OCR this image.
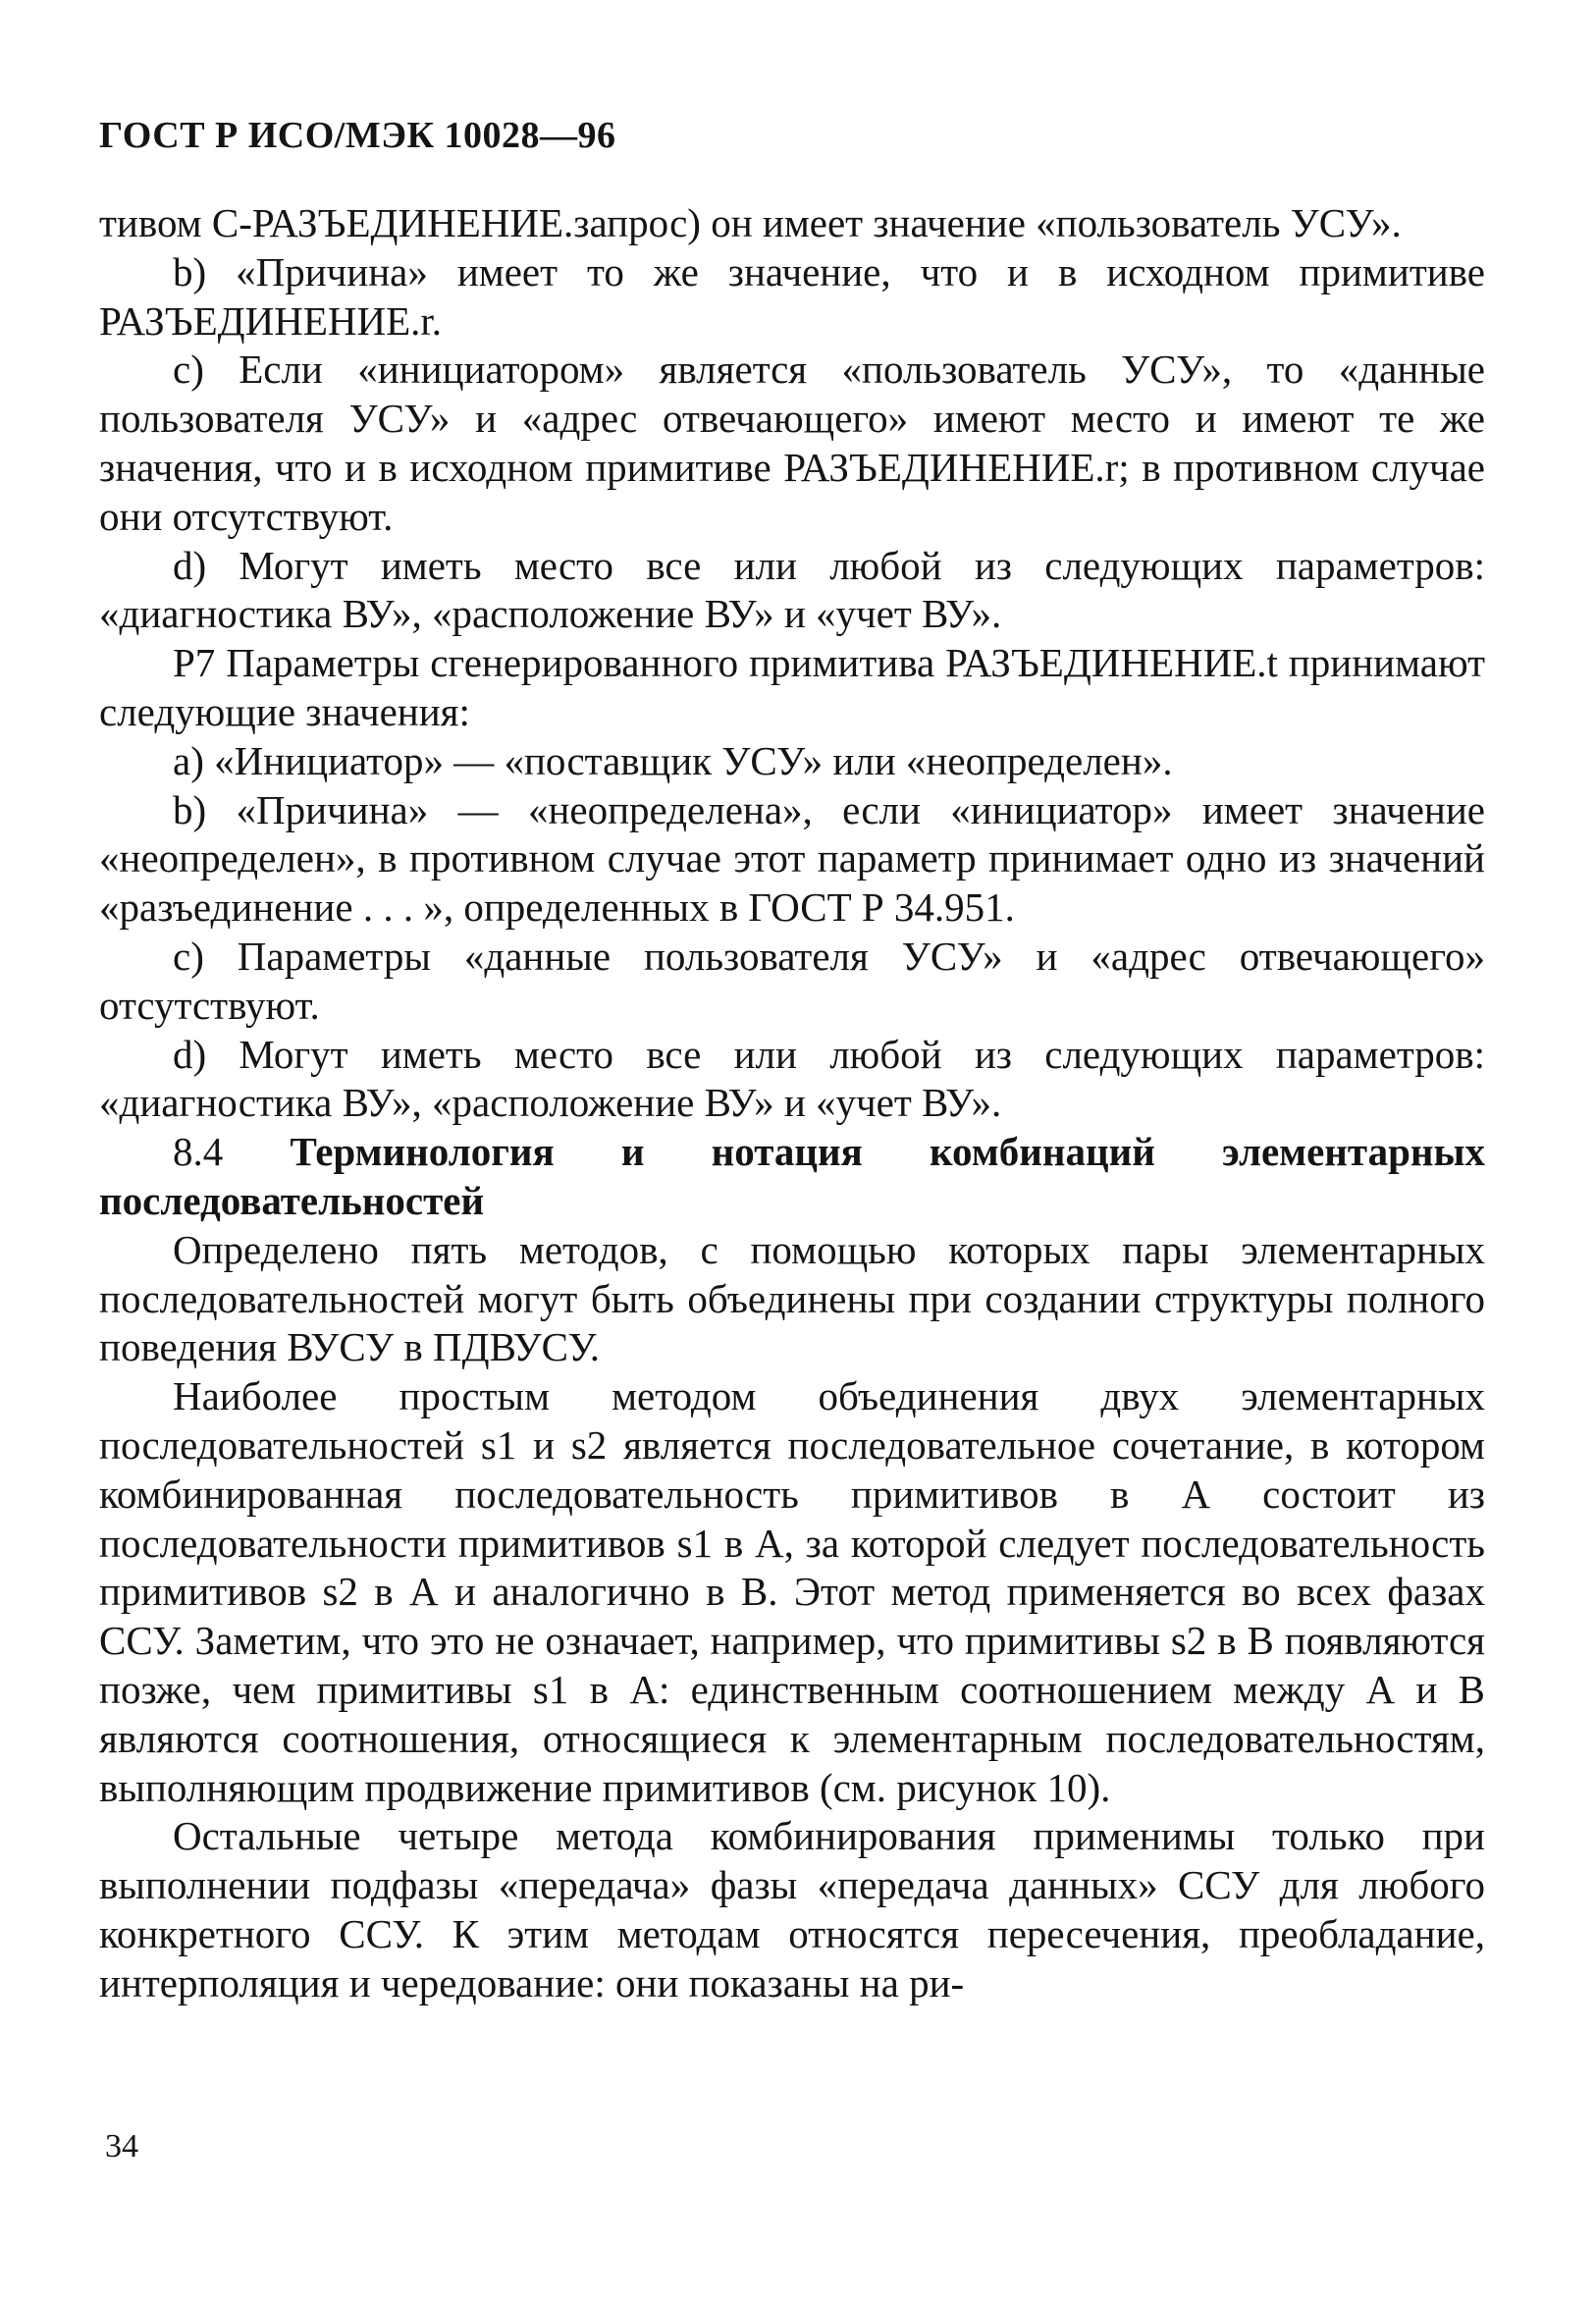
ГОСТ Р ИСО/МЭК 10028—96

тивом С-РАЗЪЕДИНЕНИЕ.запрос) он имеет значение «пользователь УСУ».

b) «Причина» имеет то же значение, что и в исходном примитиве РАЗЪЕДИНЕНИЕ.r.

c) Если «инициатором» является «пользователь УСУ», то «данные пользователя УСУ» и «адрес отвечающего» имеют место и имеют те же значения, что и в исходном примитиве РАЗЪЕДИНЕНИЕ.r; в противном случае они отсутствуют.

d) Могут иметь место все или любой из следующих параметров: «диагностика ВУ», «расположение ВУ» и «учет ВУ».

P7 Параметры сгенерированного примитива РАЗЪЕДИНЕНИЕ.t принимают следующие значения:

a) «Инициатор» — «поставщик УСУ» или «неопределен».

b) «Причина» — «неопределена», если «инициатор» имеет значение «неопределен», в противном случае этот параметр принимает одно из значений «разъединение . . . », определенных в ГОСТ Р 34.951.

c) Параметры «данные пользователя УСУ» и «адрес отвечающего» отсутствуют.

d) Могут иметь место все или любой из следующих параметров: «диагностика ВУ», «расположение ВУ» и «учет ВУ».

8.4 Терминология и нотация комбинаций элементарных последовательностей

Определено пять методов, с помощью которых пары элементарных последовательностей могут быть объединены при создании структуры полного поведения ВУСУ в ПДВУСУ.

Наиболее простым методом объединения двух элементарных последовательностей s1 и s2 является последовательное сочетание, в котором комбинированная последовательность примитивов в А состоит из последовательности примитивов s1 в А, за которой следует последовательность примитивов s2 в А и аналогично в В. Этот метод применяется во всех фазах ССУ. Заметим, что это не означает, например, что примитивы s2 в В появляются позже, чем примитивы s1 в А: единственным соотношением между А и В являются соотношения, относящиеся к элементарным последовательностям, выполняющим продвижение примитивов (см. рисунок 10).

Остальные четыре метода комбинирования применимы только при выполнении подфазы «передача» фазы «передача данных» ССУ для любого конкретного ССУ. К этим методам относятся пересечения, преобладание, интерполяция и чередование: они показаны на ри-

34
